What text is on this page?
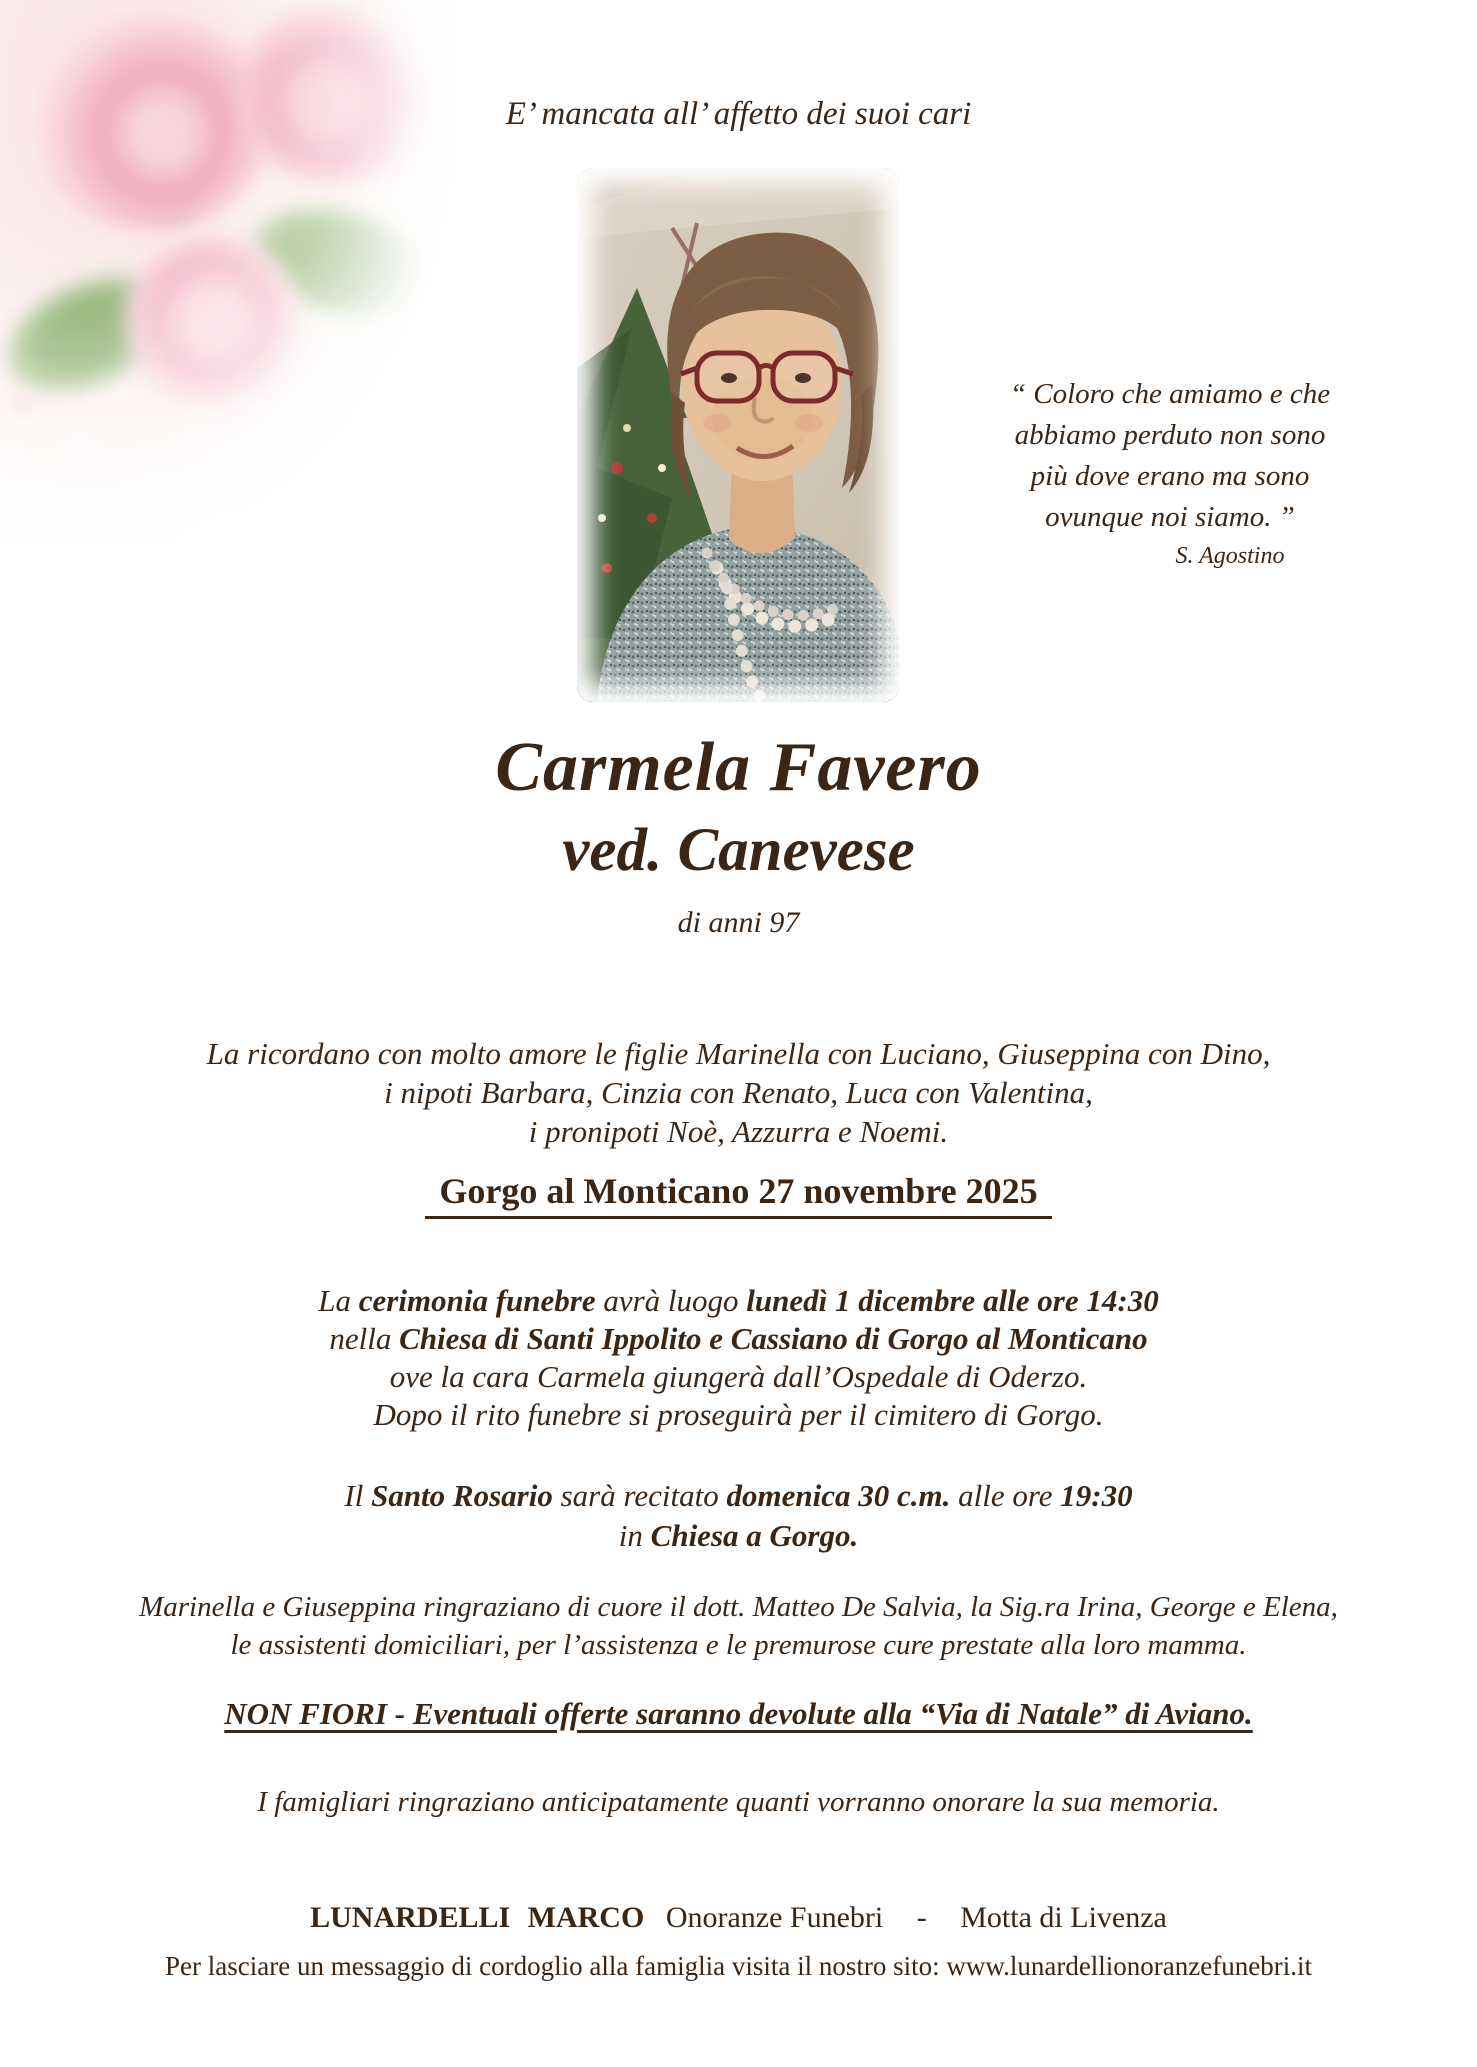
E’ mancata all’ affetto dei suoi cari
“ Coloro che amiamo e che
abbiamo perduto non sono
più dove erano ma sono
ovunque noi siamo. ”
S. Agostino
Carmela Favero
ved. Canevese
di anni 97
La ricordano con molto amore le figlie Marinella con Luciano, Giuseppina con Dino,
i nipoti Barbara, Cinzia con Renato, Luca con Valentina,
i pronipoti Noè, Azzurra e Noemi.
Gorgo al Monticano 27 novembre 2025
La cerimonia funebre avrà luogo lunedì 1 dicembre alle ore 14:30
nella Chiesa di Santi Ippolito e Cassiano di Gorgo al Monticano
ove la cara Carmela giungerà dall’Ospedale di Oderzo.
Dopo il rito funebre si proseguirà per il cimitero di Gorgo.
Il Santo Rosario sarà recitato domenica 30 c.m. alle ore 19:30
in Chiesa a Gorgo.
Marinella e Giuseppina ringraziano di cuore il dott. Matteo De Salvia, la Sig.ra Irina, George e Elena,
le assistenti domiciliari, per l’assistenza e le premurose cure prestate alla loro mamma.
NON FIORI - Eventuali offerte saranno devolute alla “Via di Natale” di Aviano.
I famigliari ringraziano anticipatamente quanti vorranno onorare la sua memoria.
LUNARDELLI MARCO Onoranze Funebri - Motta di Livenza
Per lasciare un messaggio di cordoglio alla famiglia visita il nostro sito: www.lunardellionoranzefunebri.it
